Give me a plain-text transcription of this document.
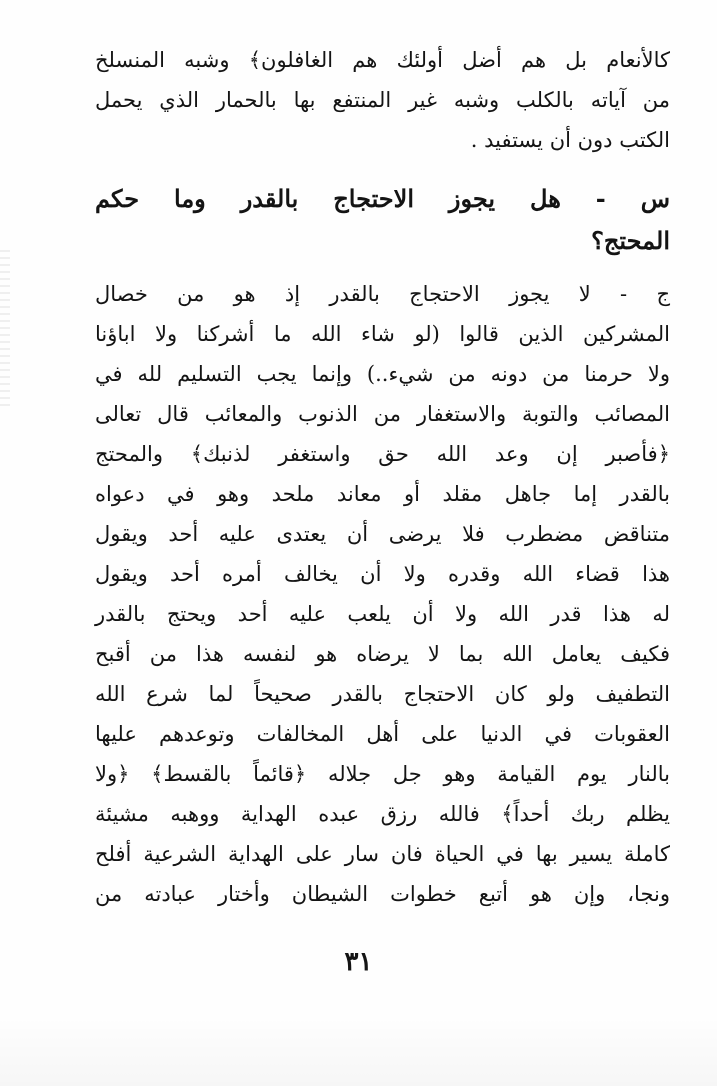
كالأنعام بل هم أضل أولئك هم الغافلون﴾ وشبه المنسلخ
من آياته بالكلب وشبه غير المنتفع بها بالحمار الذي يحمل
الكتب دون أن يستفيد .
س - هل يجوز الاحتجاج بالقدر وما حكم
المحتج؟
ج - لا يجوز الاحتجاج بالقدر إذ هو من خصال
المشركين الذين قالوا (لو شاء الله ما أشركنا ولا اباؤنا
ولا حرمنا من دونه من شيء..) وإنما يجب التسليم لله في
المصائب والتوبة والاستغفار من الذنوب والمعائب قال تعالى
﴿فأصبر إن وعد الله حق واستغفر لذنبك﴾ والمحتج
بالقدر إما جاهل مقلد أو معاند ملحد وهو في دعواه
متناقض مضطرب فلا يرضى أن يعتدى عليه أحد ويقول
هذا قضاء الله وقدره ولا أن يخالف أمره أحد ويقول
له هذا قدر الله ولا أن يلعب عليه أحد ويحتج بالقدر
فكيف يعامل الله بما لا يرضاه هو لنفسه هذا من أقبح
التطفيف ولو كان الاحتجاج بالقدر صحيحاً لما شرع الله
العقوبات في الدنيا على أهل المخالفات وتوعدهم عليها
بالنار يوم القيامة وهو جل جلاله ﴿قائماً بالقسط﴾ ﴿ولا
يظلم ربك أحداً﴾ فالله رزق عبده الهداية ووهبه مشيئة
كاملة يسير بها في الحياة فان سار على الهداية الشرعية أفلح
ونجا، وإن هو أتبع خطوات الشيطان وأختار عبادته من
٣١
